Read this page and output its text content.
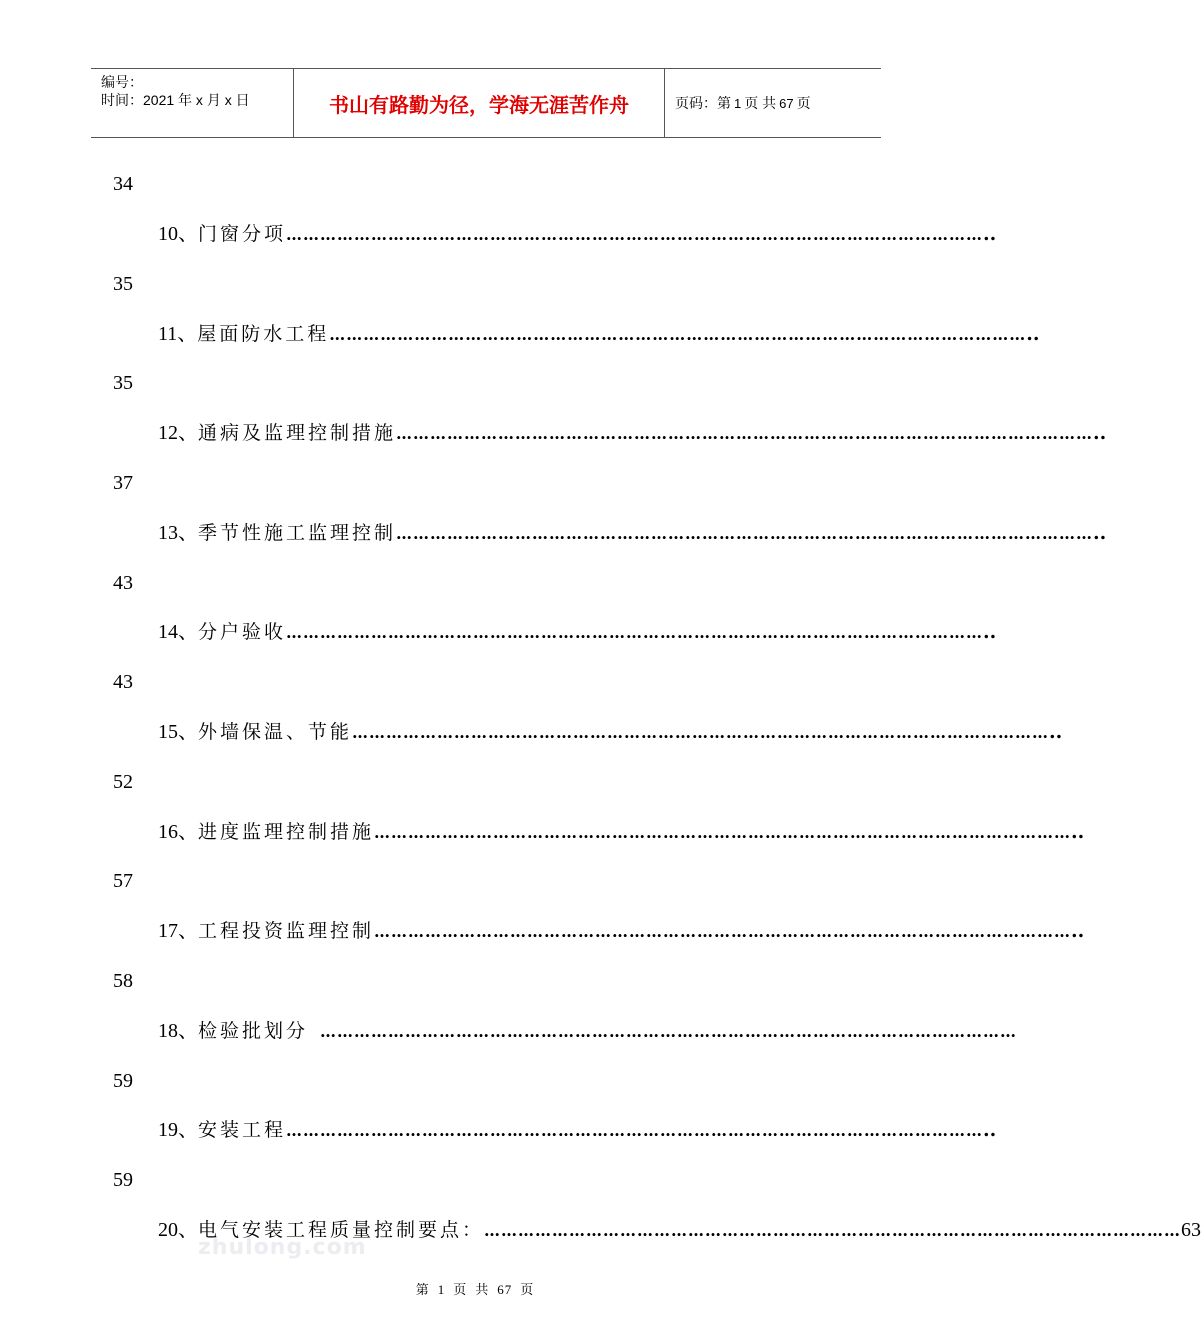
编号：
时间：2021 年 x 月 x 日	书山有路勤为径，学海无涯苦作舟	页码：第 1 页 共 67 页
34
10、 门窗分项 …………………………………………………………………………………………………………… ..
35
11、 屋面防水工程 …………………………………………………………………………………………………………… ..
35
12、 通病及监理控制措施 …………………………………………………………………………………………………………… ..
37
13、 季节性施工监理控制 …………………………………………………………………………………………………………… ..
43
14、 分户验收 …………………………………………………………………………………………………………… ..
43
15、 外墙保温、节能 …………………………………………………………………………………………………………… ..
52
16、 进度监理控制措施 …………………………………………………………………………………………………………… ..
57
17、 工程投资监理控制 …………………………………………………………………………………………………………… ..
58
18、 检验批划分 ……………………………………………………………………………………………………………
59
19、 安装工程 …………………………………………………………………………………………………………… ..
59
20、 电气安装工程质量控制要点： …………………………………………………………………………………………………………… 63
zhulong.com
第 1 页 共 67 页
